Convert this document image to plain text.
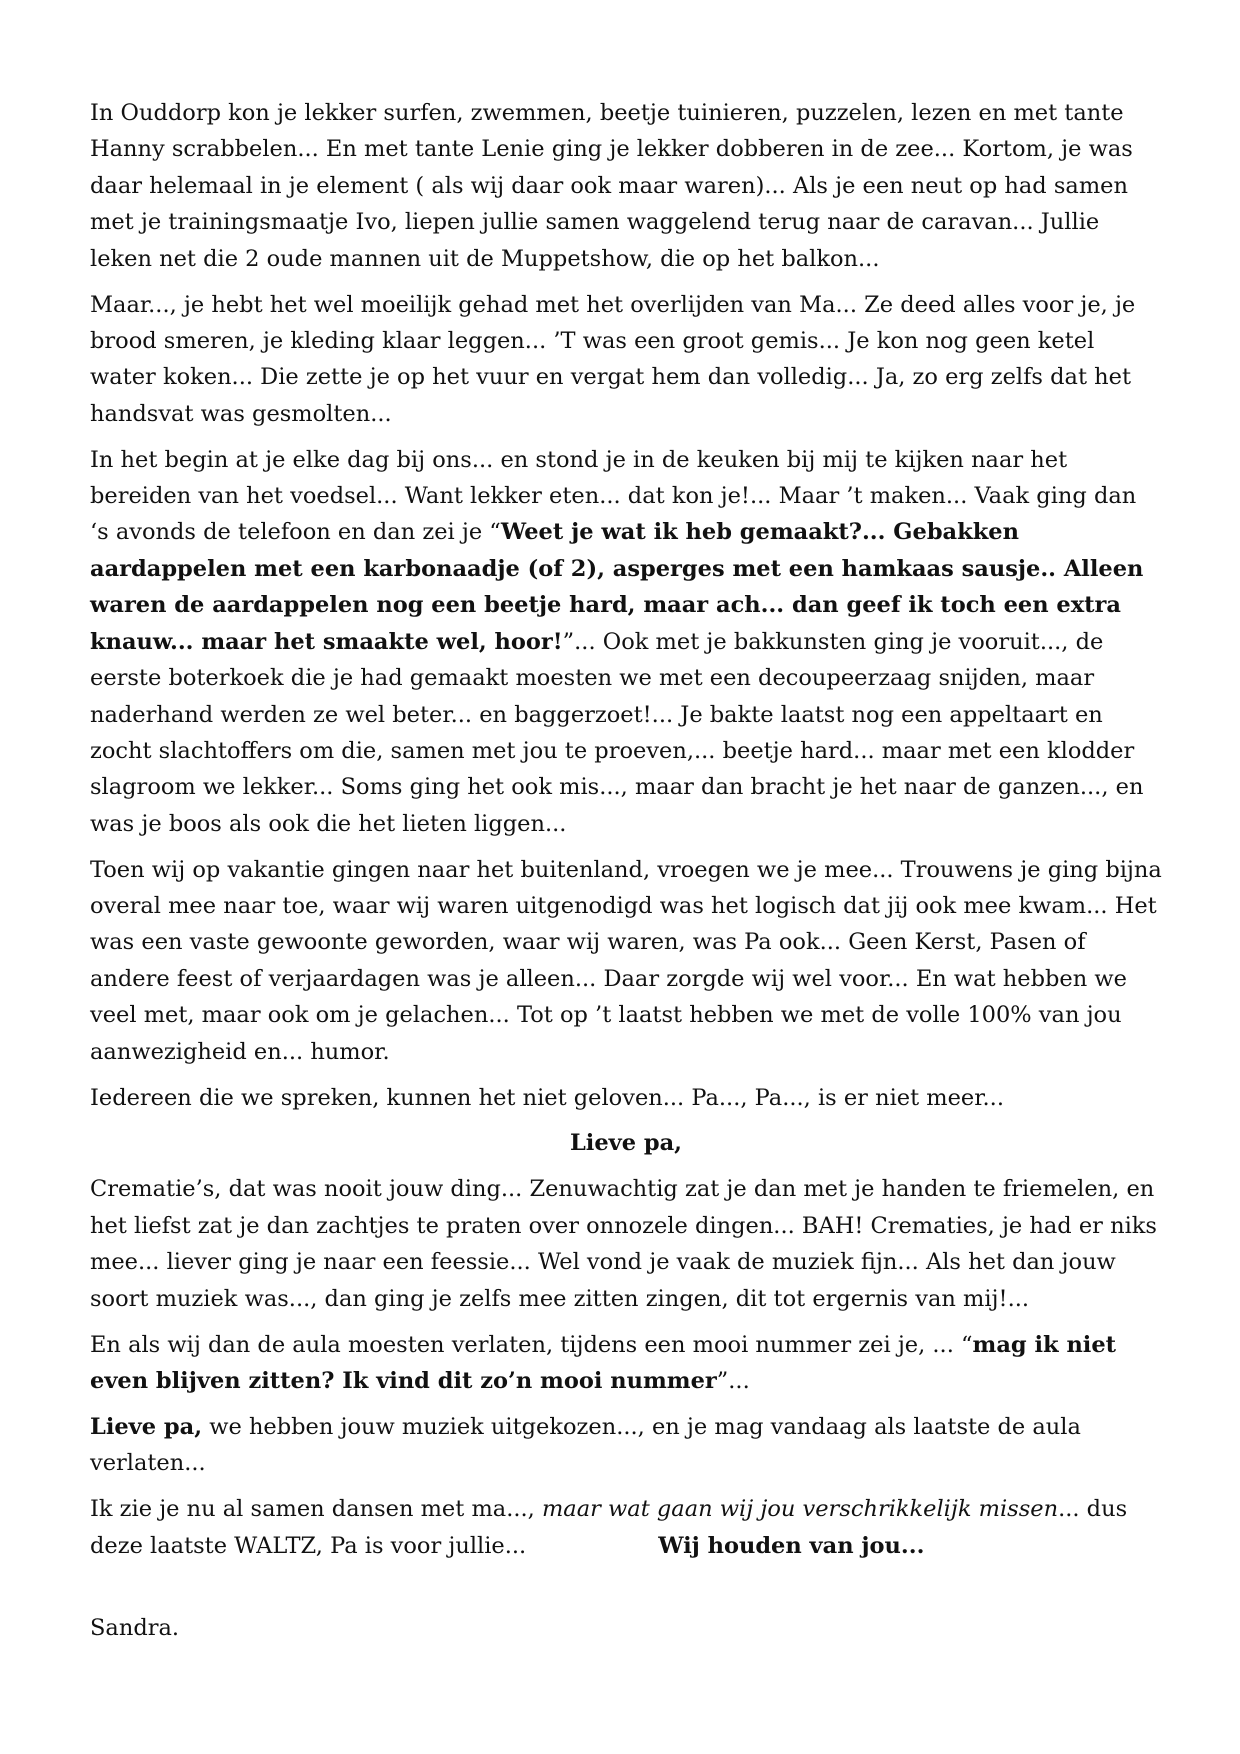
In Ouddorp kon je lekker surfen, zwemmen, beetje tuinieren, puzzelen, lezen en met tante Hanny scrabbelen... En met tante Lenie ging je lekker dobberen in de zee... Kortom, je was daar helemaal in je element ( als wij daar ook maar waren)... Als je een neut op had samen met je trainingsmaatje Ivo, liepen jullie samen waggelend terug naar de caravan... Jullie leken net die 2 oude mannen uit de Muppetshow, die op het balkon...

Maar..., je hebt het wel moeilijk gehad met het overlijden van Ma... Ze deed alles voor je, je brood smeren, je kleding klaar leggen... ’T was een groot gemis... Je kon nog geen ketel water koken... Die zette je op het vuur en vergat hem dan volledig... Ja, zo erg zelfs dat het handsvat was gesmolten...

In het begin at je elke dag bij ons... en stond je in de keuken bij mij te kijken naar het bereiden van het voedsel... Want lekker eten... dat kon je!... Maar ’t maken... Vaak ging dan ‘s avonds de telefoon en dan zei je “Weet je wat ik heb gemaakt?... Gebakken aardappelen met een karbonaadje (of 2), asperges met een hamkaas sausje.. Alleen waren de aardappelen nog een beetje hard, maar ach... dan geef ik toch een extra knauw... maar het smaakte wel, hoor!”... Ook met je bakkunsten ging je vooruit..., de eerste boterkoek die je had gemaakt moesten we met een decoupeerzaag snijden, maar naderhand werden ze wel beter... en baggerzoet!... Je bakte laatst nog een appeltaart en zocht slachtoffers om die, samen met jou te proeven,... beetje hard... maar met een klodder slagroom we lekker... Soms ging het ook mis..., maar dan bracht je het naar de ganzen..., en was je boos als ook die het lieten liggen...

Toen wij op vakantie gingen naar het buitenland, vroegen we je mee... Trouwens je ging bijna overal mee naar toe, waar wij waren uitgenodigd was het logisch dat jij ook mee kwam... Het was een vaste gewoonte geworden, waar wij waren, was Pa ook... Geen Kerst, Pasen of andere feest of verjaardagen was je alleen... Daar zorgde wij wel voor... En wat hebben we veel met, maar ook om je gelachen... Tot op ’t laatst hebben we met de volle 100% van jou aanwezigheid en... humor.

Iedereen die we spreken, kunnen het niet geloven... Pa..., Pa..., is er niet meer...

Lieve pa,

Crematie’s, dat was nooit jouw ding... Zenuwachtig zat je dan met je handen te friemelen, en het liefst zat je dan zachtjes te praten over onnozele dingen... BAH! Crematies, je had er niks mee... liever ging je naar een feessie... Wel vond je vaak de muziek fijn... Als het dan jouw soort muziek was..., dan ging je zelfs mee zitten zingen, dit tot ergernis van mij!...

En als wij dan de aula moesten verlaten, tijdens een mooi nummer zei je, ... “mag ik niet even blijven zitten? Ik vind dit zo’n mooi nummer”...

Lieve pa, we hebben jouw muziek uitgekozen..., en je mag vandaag als laatste de aula verlaten...

Ik zie je nu al samen dansen met ma..., maar wat gaan wij jou verschrikkelijk missen... dus deze laatste WALTZ, Pa is voor jullie...	Wij houden van jou...

Sandra.
